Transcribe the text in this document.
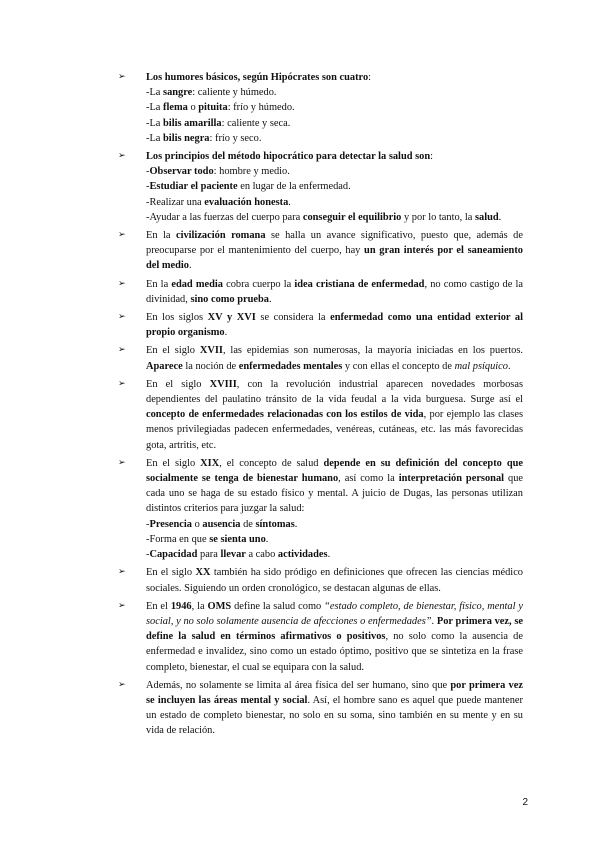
➢	Los humores básicos, según Hipócrates son cuatro:
-La sangre: caliente y húmedo.
-La flema o pituita: frío y húmedo.
-La bilis amarilla: caliente y seca.
-La bilis negra: frío y seco.
➢	Los principios del método hipocrático para detectar la salud son:
-Observar todo: hombre y medio.
-Estudiar el paciente en lugar de la enfermedad.
-Realizar una evaluación honesta.
-Ayudar a las fuerzas del cuerpo para conseguir el equilibrio y por lo tanto, la salud.
➢	En la civilización romana se halla un avance significativo, puesto que, además de preocuparse por el mantenimiento del cuerpo, hay un gran interés por el saneamiento del medio.
➢	En la edad media cobra cuerpo la idea cristiana de enfermedad, no como castigo de la divinidad, sino como prueba.
➢	En los siglos XV y XVI se considera la enfermedad como una entidad exterior al propio organismo.
➢	En el siglo XVII, las epidemias son numerosas, la mayoría iniciadas en los puertos. Aparece la noción de enfermedades mentales y con ellas el concepto de mal psíquico.
➢	En el siglo XVIII, con la revolución industrial aparecen novedades morbosas dependientes del paulatino tránsito de la vida feudal a la vida burguesa. Surge así el concepto de enfermedades relacionadas con los estilos de vida, por ejemplo las clases menos privilegiadas padecen enfermedades, venéreas, cutáneas, etc. las más favorecidas gota, artritis, etc.
➢	En el siglo XIX, el concepto de salud depende en su definición del concepto que socialmente se tenga de bienestar humano, así como la interpretación personal que cada uno se haga de su estado físico y mental. A juicio de Dugas, las personas utilizan distintos criterios para juzgar la salud:
-Presencia o ausencia de síntomas.
-Forma en que se sienta uno.
-Capacidad para llevar a cabo actividades.
➢	En el siglo XX también ha sido pródigo en definiciones que ofrecen las ciencias médico sociales. Siguiendo un orden cronológico, se destacan algunas de ellas.
➢	En el 1946, la OMS define la salud como “estado completo, de bienestar, físico, mental y social, y no solo solamente ausencia de afecciones o enfermedades”. Por primera vez, se define la salud en términos afirmativos o positivos, no solo como la ausencia de enfermedad e invalidez, sino como un estado óptimo, positivo que se sintetiza en la frase completo, bienestar, el cual se equipara con la salud.
➢	Además, no solamente se limita al área física del ser humano, sino que por primera vez se incluyen las áreas mental y social. Así, el hombre sano es aquel que puede mantener un estado de completo bienestar, no solo en su soma, sino también en su mente y en su vida de relación.
2
